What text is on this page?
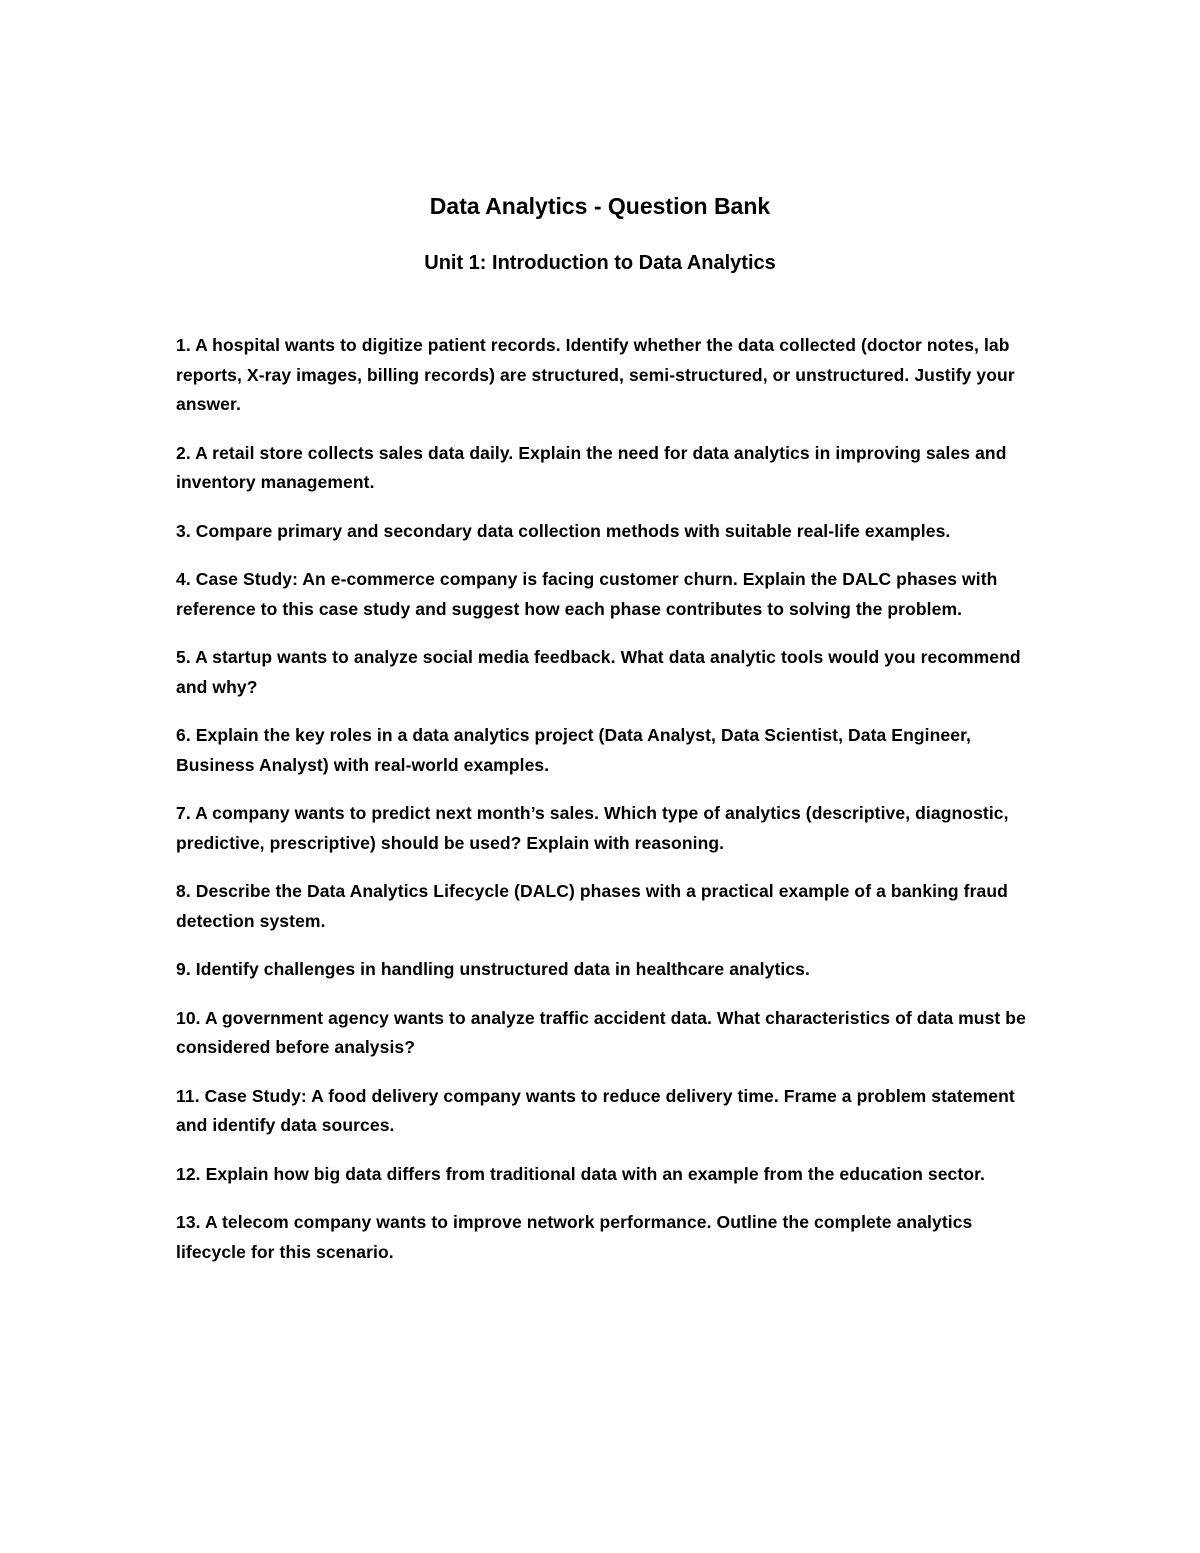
Data Analytics - Question Bank
Unit 1: Introduction to Data Analytics
1. A hospital wants to digitize patient records. Identify whether the data collected (doctor notes, lab reports, X-ray images, billing records) are structured, semi-structured, or unstructured. Justify your answer.
2. A retail store collects sales data daily. Explain the need for data analytics in improving sales and inventory management.
3. Compare primary and secondary data collection methods with suitable real-life examples.
4. Case Study: An e-commerce company is facing customer churn. Explain the DALC phases with reference to this case study and suggest how each phase contributes to solving the problem.
5. A startup wants to analyze social media feedback. What data analytic tools would you recommend and why?
6. Explain the key roles in a data analytics project (Data Analyst, Data Scientist, Data Engineer, Business Analyst) with real-world examples.
7. A company wants to predict next month’s sales. Which type of analytics (descriptive, diagnostic, predictive, prescriptive) should be used? Explain with reasoning.
8. Describe the Data Analytics Lifecycle (DALC) phases with a practical example of a banking fraud detection system.
9. Identify challenges in handling unstructured data in healthcare analytics.
10. A government agency wants to analyze traffic accident data. What characteristics of data must be considered before analysis?
11. Case Study: A food delivery company wants to reduce delivery time. Frame a problem statement and identify data sources.
12. Explain how big data differs from traditional data with an example from the education sector.
13. A telecom company wants to improve network performance. Outline the complete analytics lifecycle for this scenario.
